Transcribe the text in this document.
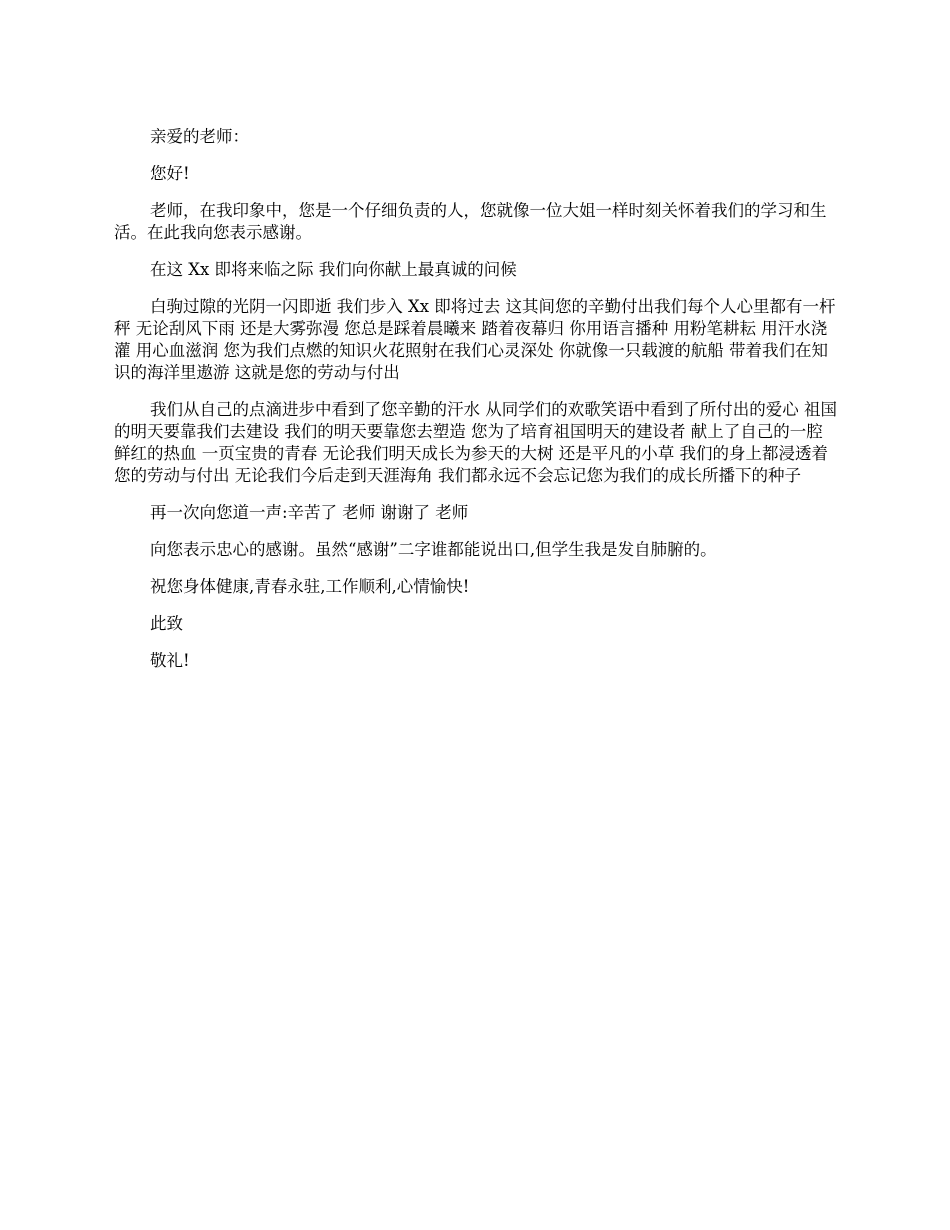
亲爱的老师：

您好!

老师，在我印象中，您是一个仔细负责的人，您就像一位大姐一样时刻关怀着我们的学习和生活。在此我向您表示感谢。

在这 Xx 即将来临之际 我们向你献上最真诚的问候

白驹过隙的光阴一闪即逝 我们步入 Xx 即将过去 这其间您的辛勤付出我们每个人心里都有一杆秤 无论刮风下雨 还是大雾弥漫 您总是踩着晨曦来 踏着夜幕归 你用语言播种 用粉笔耕耘 用汗水浇灌 用心血滋润 您为我们点燃的知识火花照射在我们心灵深处 你就像一只载渡的航船 带着我们在知识的海洋里遨游 这就是您的劳动与付出

我们从自己的点滴进步中看到了您辛勤的汗水 从同学们的欢歌笑语中看到了所付出的爱心 祖国的明天要靠我们去建设 我们的明天要靠您去塑造 您为了培育祖国明天的建设者 献上了自己的一腔鲜红的热血 一页宝贵的青春 无论我们明天成长为参天的大树 还是平凡的小草 我们的身上都浸透着您的劳动与付出 无论我们今后走到天涯海角 我们都永远不会忘记您为我们的成长所播下的种子

再一次向您道一声:辛苦了 老师 谢谢了 老师

向您表示忠心的感谢。虽然“感谢”二字谁都能说出口,但学生我是发自肺腑的。

祝您身体健康,青春永驻,工作顺利,心情愉快!

此致

敬礼!
